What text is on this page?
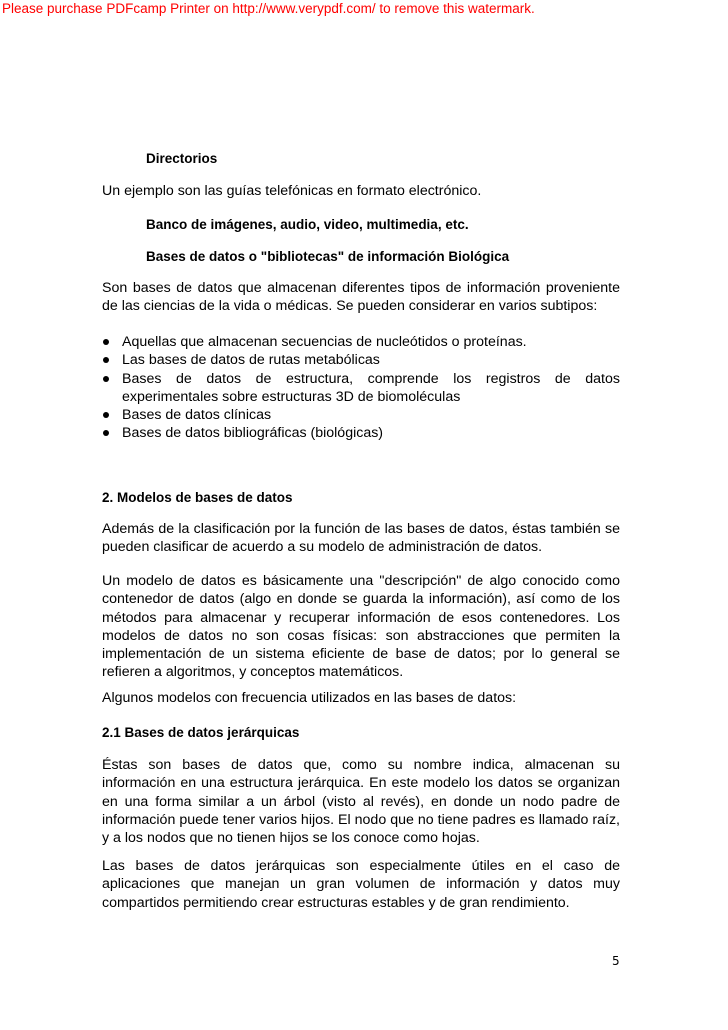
Please purchase PDFcamp Printer on http://www.verypdf.com/ to remove this watermark.
Directorios
Un ejemplo son las guías telefónicas en formato electrónico.
Banco de imágenes, audio, video, multimedia, etc.
Bases de datos o "bibliotecas" de información Biológica
Son bases de datos que almacenan diferentes tipos de información proveniente de las ciencias de la vida o médicas. Se pueden considerar en varios subtipos:
Aquellas que almacenan secuencias de nucleótidos o proteínas.
Las bases de datos de rutas metabólicas
Bases de datos de estructura, comprende los registros de datos experimentales sobre estructuras 3D de biomoléculas
Bases de datos clínicas
Bases de datos bibliográficas (biológicas)
2. Modelos de bases de datos
Además de la clasificación por la función de las bases de datos, éstas también se pueden clasificar de acuerdo a su modelo de administración de datos.
Un modelo de datos es básicamente una "descripción" de algo conocido como contenedor de datos (algo en donde se guarda la información), así como de los métodos para almacenar y recuperar información de esos contenedores. Los modelos de datos no son cosas físicas: son abstracciones que permiten la implementación de un sistema eficiente de base de datos; por lo general se refieren a algoritmos, y conceptos matemáticos.
Algunos modelos con frecuencia utilizados en las bases de datos:
2.1 Bases de datos jerárquicas
Éstas son bases de datos que, como su nombre indica, almacenan su información en una estructura jerárquica. En este modelo los datos se organizan en una forma similar a un árbol (visto al revés), en donde un nodo padre de información puede tener varios hijos. El nodo que no tiene padres es llamado raíz, y a los nodos que no tienen hijos se los conoce como hojas.
Las bases de datos jerárquicas son especialmente útiles en el caso de aplicaciones que manejan un gran volumen de información y datos muy compartidos permitiendo crear estructuras estables y de gran rendimiento.
5
